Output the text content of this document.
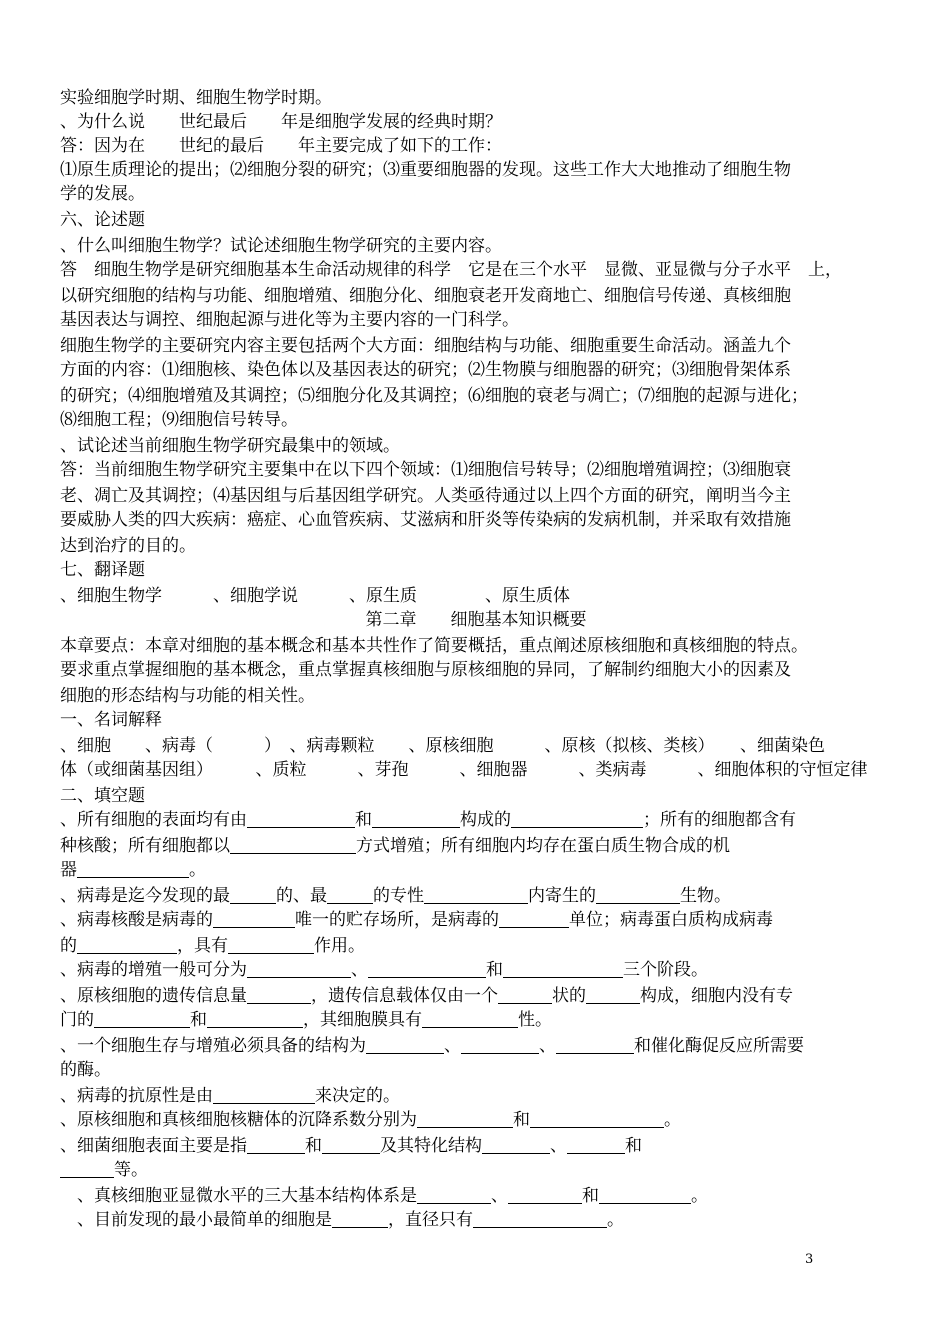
实验细胞学时期、细胞生物学时期。
、为什么说　　世纪最后　　年是细胞学发展的经典时期？
答：因为在　　世纪的最后　　年主要完成了如下的工作：
⑴原生质理论的提出；⑵细胞分裂的研究；⑶重要细胞器的发现。这些工作大大地推动了细胞生物
学的发展。
六、论述题
、什么叫细胞生物学？试论述细胞生物学研究的主要内容。
答　细胞生物学是研究细胞基本生命活动规律的科学　它是在三个水平　显微、亚显微与分子水平　上，
以研究细胞的结构与功能、细胞增殖、细胞分化、细胞衰老开发商地亡、细胞信号传递、真核细胞
基因表达与调控、细胞起源与进化等为主要内容的一门科学。
细胞生物学的主要研究内容主要包括两个大方面：细胞结构与功能、细胞重要生命活动。涵盖九个
方面的内容：⑴细胞核、染色体以及基因表达的研究；⑵生物膜与细胞器的研究；⑶细胞骨架体系
的研究；⑷细胞增殖及其调控；⑸细胞分化及其调控；⑹细胞的衰老与凋亡；⑺细胞的起源与进化；
⑻细胞工程；⑼细胞信号转导。
、试论述当前细胞生物学研究最集中的领域。
答：当前细胞生物学研究主要集中在以下四个领域：⑴细胞信号转导；⑵细胞增殖调控；⑶细胞衰
老、凋亡及其调控；⑷基因组与后基因组学研究。人类亟待通过以上四个方面的研究，阐明当今主
要威胁人类的四大疾病：癌症、心血管疾病、艾滋病和肝炎等传染病的发病机制，并采取有效措施
达到治疗的目的。
七、翻译题
、细胞生物学　　　、细胞学说　　　、原生质　　　　、原生质体
第二章　　细胞基本知识概要
本章要点：本章对细胞的基本概念和基本共性作了简要概括，重点阐述原核细胞和真核细胞的特点。
要求重点掌握细胞的基本概念，重点掌握真核细胞与原核细胞的异同，了解制约细胞大小的因素及
细胞的形态结构与功能的相关性。
一、名词解释
、细胞　　、病毒（　　　）　、病毒颗粒　　、原核细胞　　　、原核（拟核、类核）　　、细菌染色
体（或细菌基因组）　　　、质粒　　　、芽孢　　　、细胞器　　　、类病毒　　　、细胞体积的守恒定律
二、填空题
、所有细胞的表面均有由	和	构成的	；所有的细胞都含有
种核酸；所有细胞都以	方式增殖；所有细胞内均存在蛋白质生物合成的机
器	。
、病毒是迄今发现的最	的、最	的专性	内寄生的	生物。
、病毒核酸是病毒的	唯一的贮存场所，是病毒的	单位；病毒蛋白质构成病毒
的	，具有	作用。
、病毒的增殖一般可分为	、	和	三个阶段。
、原核细胞的遗传信息量	，遗传信息载体仅由一个	状的	构成，细胞内没有专
门的	和	，其细胞膜具有	性。
、一个细胞生存与增殖必须具备的结构为	、	、	和催化酶促反应所需要
的酶。
、病毒的抗原性是由	来决定的。
、原核细胞和真核细胞核糖体的沉降系数分别为	和	。
、细菌细胞表面主要是指	和	及其特化结构	、	和
等。
　、真核细胞亚显微水平的三大基本结构体系是	、	和	。
　、目前发现的最小最简单的细胞是	，直径只有	。
3
